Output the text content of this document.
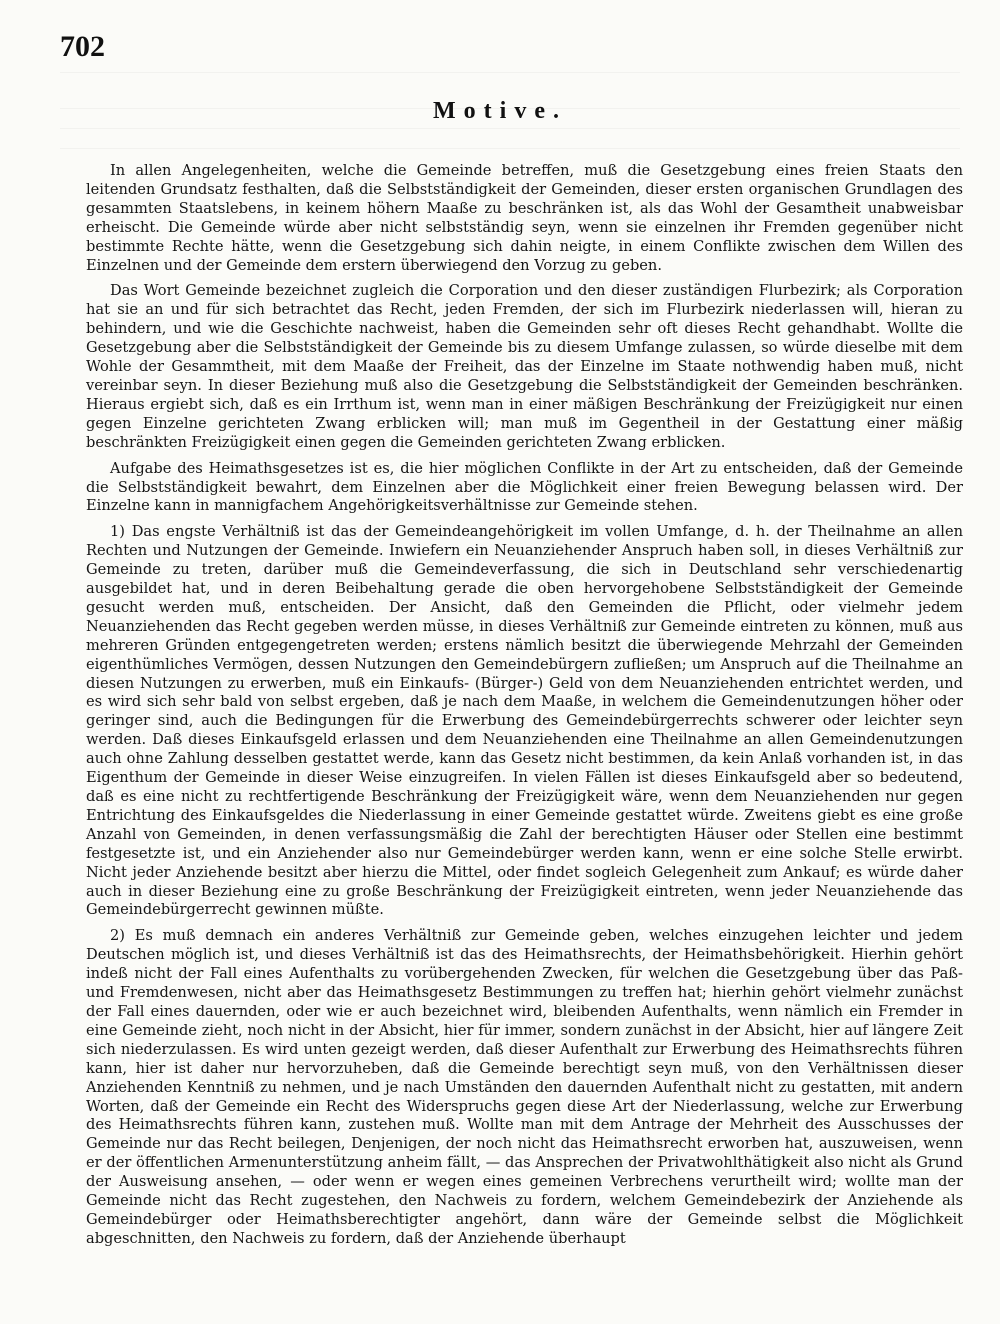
702
Motive.

In allen Angelegenheiten, welche die Gemeinde betreffen, muß die Gesetzgebung eines freien Staats den leitenden Grundsatz festhalten, daß die Selbstständigkeit der Gemeinden, dieser ersten organischen Grundlagen des gesammten Staatslebens, in keinem höhern Maaße zu beschränken ist, als das Wohl der Gesamtheit unabweisbar erheischt. Die Gemeinde würde aber nicht selbstständig seyn, wenn sie einzelnen ihr Fremden gegenüber nicht bestimmte Rechte hätte, wenn die Gesetzgebung sich dahin neigte, in einem Conflikte zwischen dem Willen des Einzelnen und der Gemeinde dem erstern überwiegend den Vorzug zu geben.

Das Wort Gemeinde bezeichnet zugleich die Corporation und den dieser zuständigen Flurbezirk; als Corporation hat sie an und für sich betrachtet das Recht, jeden Fremden, der sich im Flurbezirk niederlassen will, hieran zu behindern, und wie die Geschichte nachweist, haben die Gemeinden sehr oft dieses Recht gehandhabt. Wollte die Gesetzgebung aber die Selbstständigkeit der Gemeinde bis zu diesem Umfange zulassen, so würde dieselbe mit dem Wohle der Gesammtheit, mit dem Maaße der Freiheit, das der Einzelne im Staate nothwendig haben muß, nicht vereinbar seyn. In dieser Beziehung muß also die Gesetzgebung die Selbstständigkeit der Gemeinden beschränken. Hieraus ergiebt sich, daß es ein Irrthum ist, wenn man in einer mäßigen Beschränkung der Freizügigkeit nur einen gegen Einzelne gerichteten Zwang erblicken will; man muß im Gegentheil in der Gestattung einer mäßig beschränkten Freizügigkeit einen gegen die Gemeinden gerichteten Zwang erblicken.

Aufgabe des Heimathsgesetzes ist es, die hier möglichen Conflikte in der Art zu entscheiden, daß der Gemeinde die Selbstständigkeit bewahrt, dem Einzelnen aber die Möglichkeit einer freien Bewegung belassen wird. Der Einzelne kann in mannigfachem Angehörigkeitsverhältnisse zur Gemeinde stehen.

1) Das engste Verhältniß ist das der Gemeindeangehörigkeit im vollen Umfange, d. h. der Theilnahme an allen Rechten und Nutzungen der Gemeinde. Inwiefern ein Neuanziehender Anspruch haben soll, in dieses Verhältniß zur Gemeinde zu treten, darüber muß die Gemeindeverfassung, die sich in Deutschland sehr verschiedenartig ausgebildet hat, und in deren Beibehaltung gerade die oben hervorgehobene Selbstständigkeit der Gemeinde gesucht werden muß, entscheiden. Der Ansicht, daß den Gemeinden die Pflicht, oder vielmehr jedem Neuanziehenden das Recht gegeben werden müsse, in dieses Verhältniß zur Gemeinde eintreten zu können, muß aus mehreren Gründen entgegengetreten werden; erstens nämlich besitzt die überwiegende Mehrzahl der Gemeinden eigenthümliches Vermögen, dessen Nutzungen den Gemeindebürgern zufließen; um Anspruch auf die Theilnahme an diesen Nutzungen zu erwerben, muß ein Einkaufs- (Bürger-) Geld von dem Neuanziehenden entrichtet werden, und es wird sich sehr bald von selbst ergeben, daß je nach dem Maaße, in welchem die Gemeindenutzungen höher oder geringer sind, auch die Bedingungen für die Erwerbung des Gemeindebürgerrechts schwerer oder leichter seyn werden. Daß dieses Einkaufsgeld erlassen und dem Neuanziehenden eine Theilnahme an allen Gemeindenutzungen auch ohne Zahlung desselben gestattet werde, kann das Gesetz nicht bestimmen, da kein Anlaß vorhanden ist, in das Eigenthum der Gemeinde in dieser Weise einzugreifen. In vielen Fällen ist dieses Einkaufsgeld aber so bedeutend, daß es eine nicht zu rechtfertigende Beschränkung der Freizügigkeit wäre, wenn dem Neuanziehenden nur gegen Entrichtung des Einkaufsgeldes die Niederlassung in einer Gemeinde gestattet würde. Zweitens giebt es eine große Anzahl von Gemeinden, in denen verfassungsmäßig die Zahl der berechtigten Häuser oder Stellen eine bestimmt festgesetzte ist, und ein Anziehender also nur Gemeindebürger werden kann, wenn er eine solche Stelle erwirbt. Nicht jeder Anziehende besitzt aber hierzu die Mittel, oder findet sogleich Gelegenheit zum Ankauf; es würde daher auch in dieser Beziehung eine zu große Beschränkung der Freizügigkeit eintreten, wenn jeder Neuanziehende das Gemeindebürgerrecht gewinnen müßte.

2) Es muß demnach ein anderes Verhältniß zur Gemeinde geben, welches einzugehen leichter und jedem Deutschen möglich ist, und dieses Verhältniß ist das des Heimathsrechts, der Heimathsbehörigkeit. Hierhin gehört indeß nicht der Fall eines Aufenthalts zu vorübergehenden Zwecken, für welchen die Gesetzgebung über das Paß- und Fremdenwesen, nicht aber das Heimathsgesetz Bestimmungen zu treffen hat; hierhin gehört vielmehr zunächst der Fall eines dauernden, oder wie er auch bezeichnet wird, bleibenden Aufenthalts, wenn nämlich ein Fremder in eine Gemeinde zieht, noch nicht in der Absicht, hier für immer, sondern zunächst in der Absicht, hier auf längere Zeit sich niederzulassen. Es wird unten gezeigt werden, daß dieser Aufenthalt zur Erwerbung des Heimathsrechts führen kann, hier ist daher nur hervorzuheben, daß die Gemeinde berechtigt seyn muß, von den Verhältnissen dieser Anziehenden Kenntniß zu nehmen, und je nach Umständen den dauernden Aufenthalt nicht zu gestatten, mit andern Worten, daß der Gemeinde ein Recht des Widerspruchs gegen diese Art der Niederlassung, welche zur Erwerbung des Heimathsrechts führen kann, zustehen muß. Wollte man mit dem Antrage der Mehrheit des Ausschusses der Gemeinde nur das Recht beilegen, Denjenigen, der noch nicht das Heimathsrecht erworben hat, auszuweisen, wenn er der öffentlichen Armenunterstützung anheim fällt, — das Ansprechen der Privatwohlthätigkeit also nicht als Grund der Ausweisung ansehen, — oder wenn er wegen eines gemeinen Verbrechens verurtheilt wird; wollte man der Gemeinde nicht das Recht zugestehen, den Nachweis zu fordern, welchem Gemeindebezirk der Anziehende als Gemeindebürger oder Heimathsberechtigter angehört, dann wäre der Gemeinde selbst die Möglichkeit abgeschnitten, den Nachweis zu fordern, daß der Anziehende überhaupt
